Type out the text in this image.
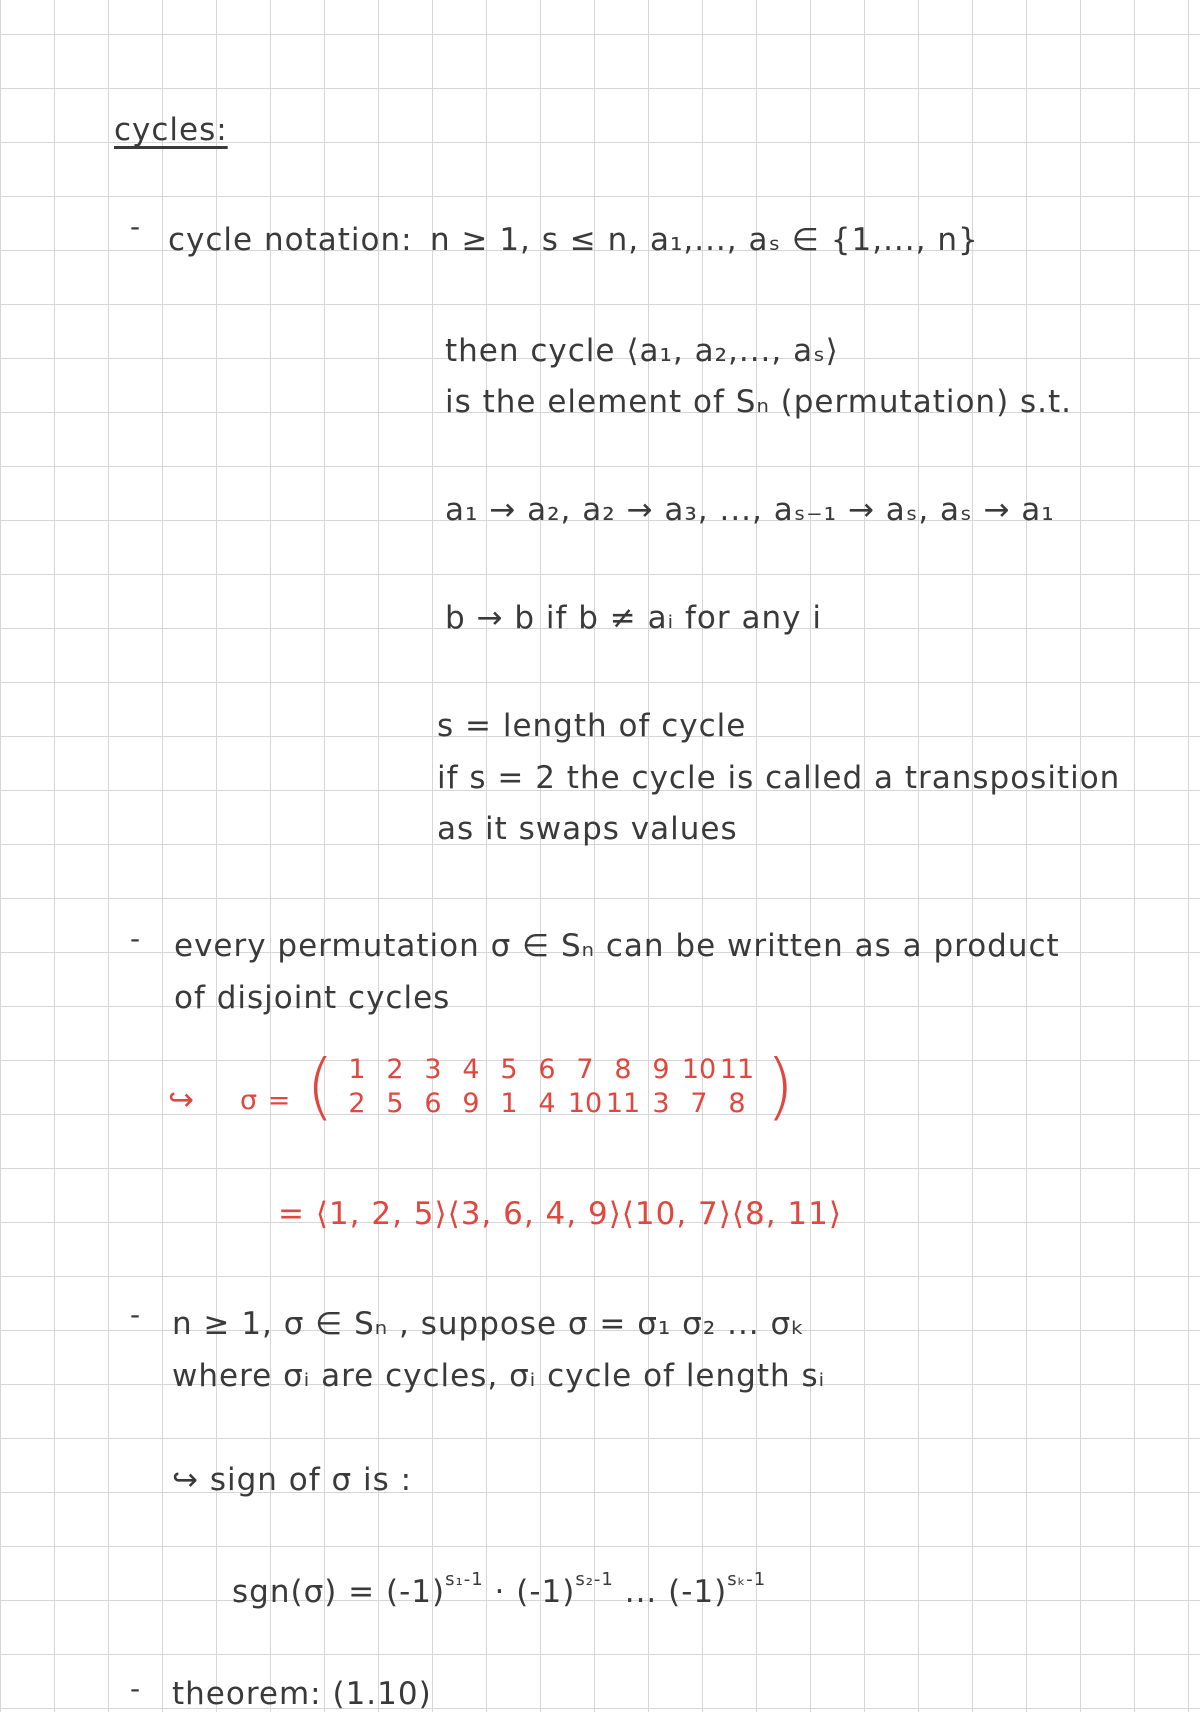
cycles:
- cycle notation: n ≥ 1, s ≤ n, a₁,..., aₛ ∈ {1,..., n}
then cycle ⟨a₁, a₂,..., aₛ⟩
is the element of Sₙ (permutation) s.t.
a₁ → a₂, a₂ → a₃, ..., aₛ₋₁ → aₛ, aₛ → a₁
b → b if b ≠ aᵢ for any i
s = length of cycle
if s = 2 the cycle is called a transposition
as it swaps values
- every permutation σ ∈ Sₙ can be written as a product
of disjoint cycles
↪ σ = ( 1 2 3 4 5 6 7 8 9 10 11
2 5 6 9 1 4 10 11 3 7 8 )
= ⟨1, 2, 5⟩⟨3, 6, 4, 9⟩⟨10, 7⟩⟨8, 11⟩
- n ≥ 1, σ ∈ Sₙ , suppose σ = σ₁ σ₂ ... σₖ
where σᵢ are cycles, σᵢ cycle of length sᵢ
↪ sign of σ is :
$sgn(\sigma) = (-1)^{s_1-1} \cdot (-1)^{s_2-1}$ ... $(-1)^{s_k-1}$
- theorem: (1.10)
